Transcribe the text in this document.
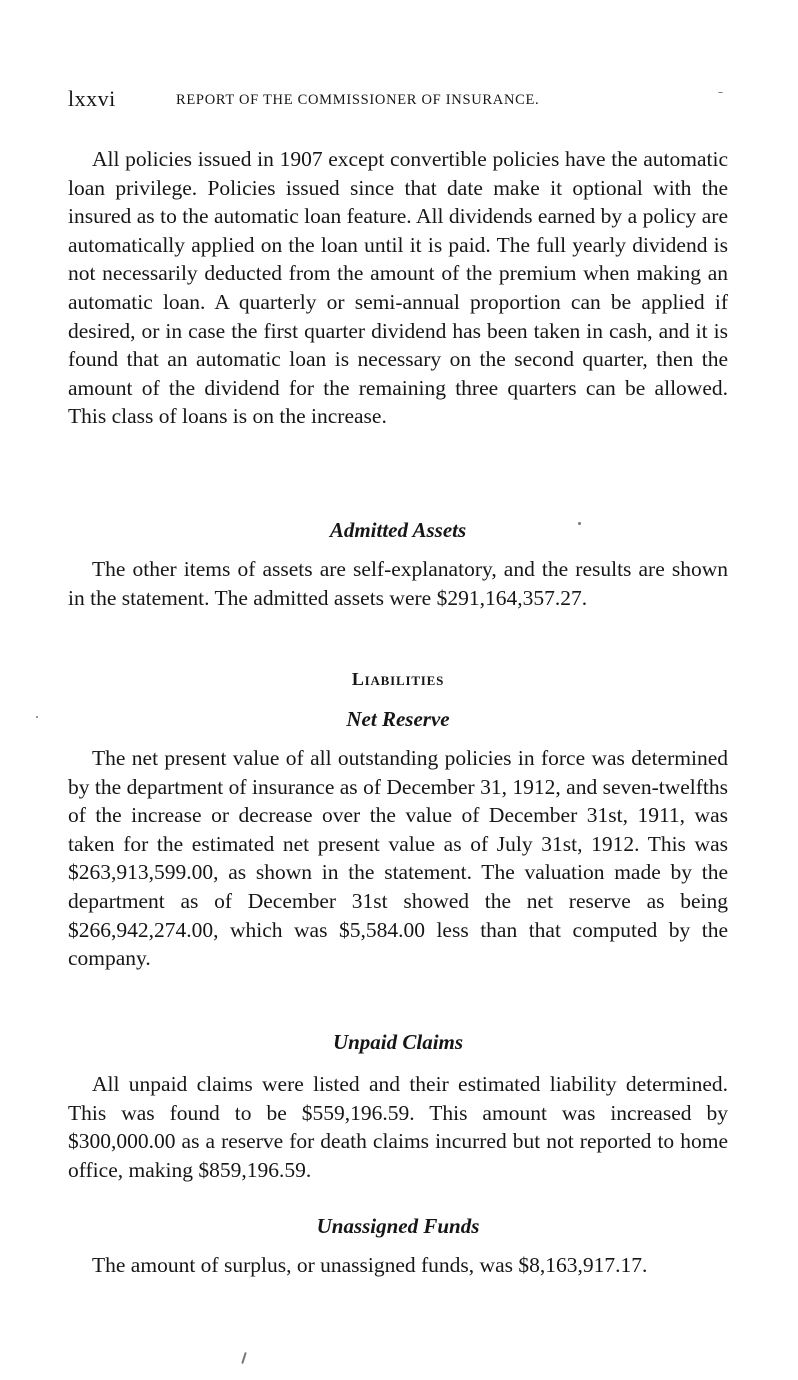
lxxvi	REPORT OF THE COMMISSIONER OF INSURANCE.

All policies issued in 1907 except convertible policies have the automatic loan privilege. Policies issued since that date make it optional with the insured as to the automatic loan feature. All dividends earned by a policy are automatically applied on the loan until it is paid. The full yearly dividend is not necessarily deducted from the amount of the premium when making an automatic loan. A quarterly or semi-annual proportion can be applied if desired, or in case the first quarter dividend has been taken in cash, and it is found that an automatic loan is necessary on the second quarter, then the amount of the dividend for the remaining three quarters can be allowed. This class of loans is on the increase.

Admitted Assets

The other items of assets are self-explanatory, and the results are shown in the statement. The admitted assets were $291,164,357.27.

Liabilities
Net Reserve

The net present value of all outstanding policies in force was determined by the department of insurance as of December 31, 1912, and seven-twelfths of the increase or decrease over the value of December 31st, 1911, was taken for the estimated net present value as of July 31st, 1912. This was $263,913,599.00, as shown in the statement. The valuation made by the department as of December 31st showed the net reserve as being $266,942,274.00, which was $5,584.00 less than that computed by the company.

Unpaid Claims

All unpaid claims were listed and their estimated liability determined. This was found to be $559,196.59. This amount was increased by $300,000.00 as a reserve for death claims incurred but not reported to home office, making $859,196.59.

Unassigned Funds

The amount of surplus, or unassigned funds, was $8,163,917.17.
